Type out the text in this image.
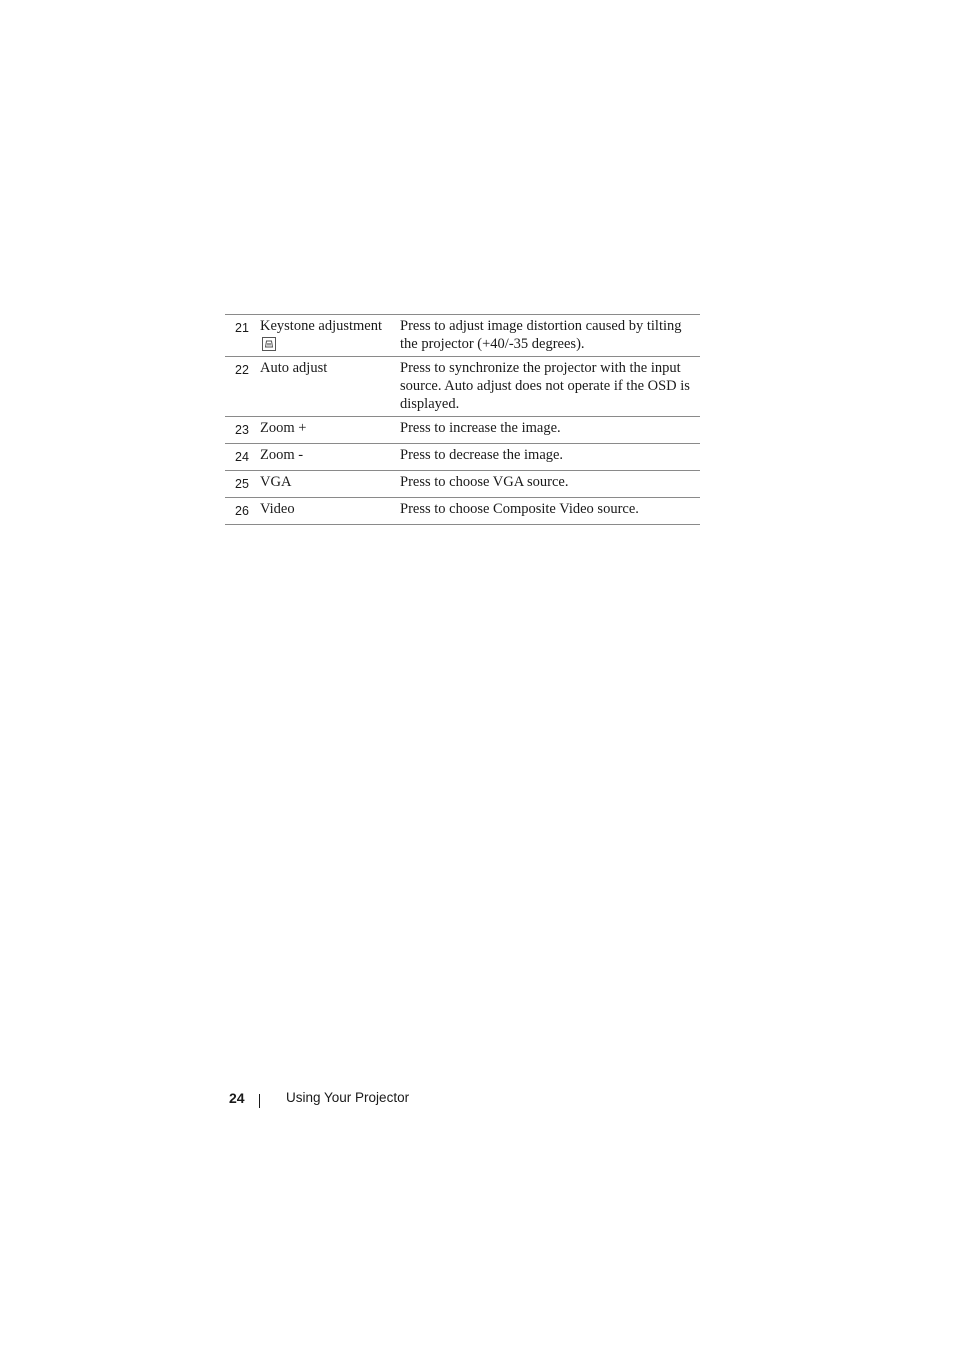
21 Keystone adjustment	Press to adjust image distortion caused by tilting the projector (+40/-35 degrees).
22 Auto adjust	Press to synchronize the projector with the input source. Auto adjust does not operate if the OSD is displayed.
23 Zoom +	Press to increase the image.
24 Zoom -	Press to decrease the image.
25 VGA	Press to choose VGA source.
26 Video	Press to choose Composite Video source.
24	Using Your Projector
